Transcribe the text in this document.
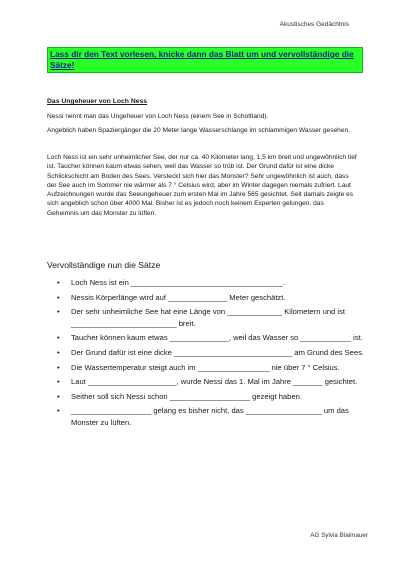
Akustisches Gedächtnis
Lass dir den Text vorlesen, knicke dann das Blatt um und vervollständige die Sätze!
Das Ungeheuer von Loch Ness

Nessi nennt man das Ungeheuer von Loch Ness (einem See in Schottland).

Angeblich haben Spaziergänger die 20 Meter lange Wasserschlange im schlammigen Wasser gesehen.

Loch Ness ist ein sehr unheimlicher See, der nur ca. 40 Kilometer lang, 1,5 km breit und ungewöhnlich tief ist. Taucher können kaum etwas sehen, weil das Wasser so trüb ist. Der Grund dafür ist eine dicke Schlickschicht am Boden des Sees. Versteckt sich hier das Monster? Sehr ungewöhnlich ist auch, dass der See auch im Sommer nie wärmer als 7 ° Celsius wird, aber im Winter dagegen niemals zufriert. Laut Aufzeichnungen wurde das Seeungeheuer zum ersten Mal im Jahre 565 gesichtet. Seit damals zeigte es sich angeblich schon über 4000 Mal. Bisher ist es jedoch noch keinem Experten gelungen, das Geheimnis um das Monster zu lüften.

Vervollständige nun die Sätze
• Loch Ness ist ein ____________________________________.
• Nessis Körperlänge wird auf ______________ Meter geschätzt.
• Der sehr unheimliche See hat eine Länge von _____________ Kilometern und ist _________________________ breit.
• Taucher können kaum etwas ______________, weil das Wasser so ____________ ist.
• Der Grund dafür ist eine dicke ____________________________ am Grund des Sees.
• Die Wassertemperatur steigt auch im _________________ nie über 7 ° Celsius.
• Laut _____________________, wurde Nessi das 1. Mal im Jahre _______ gesichtet.
• Seither soll sich Nessi schon ___________________ gezeigt haben.
• ___________________ gelang es bisher nicht, das __________________ um das Monster zu lüften.
AG Sylvia Blaimauer
